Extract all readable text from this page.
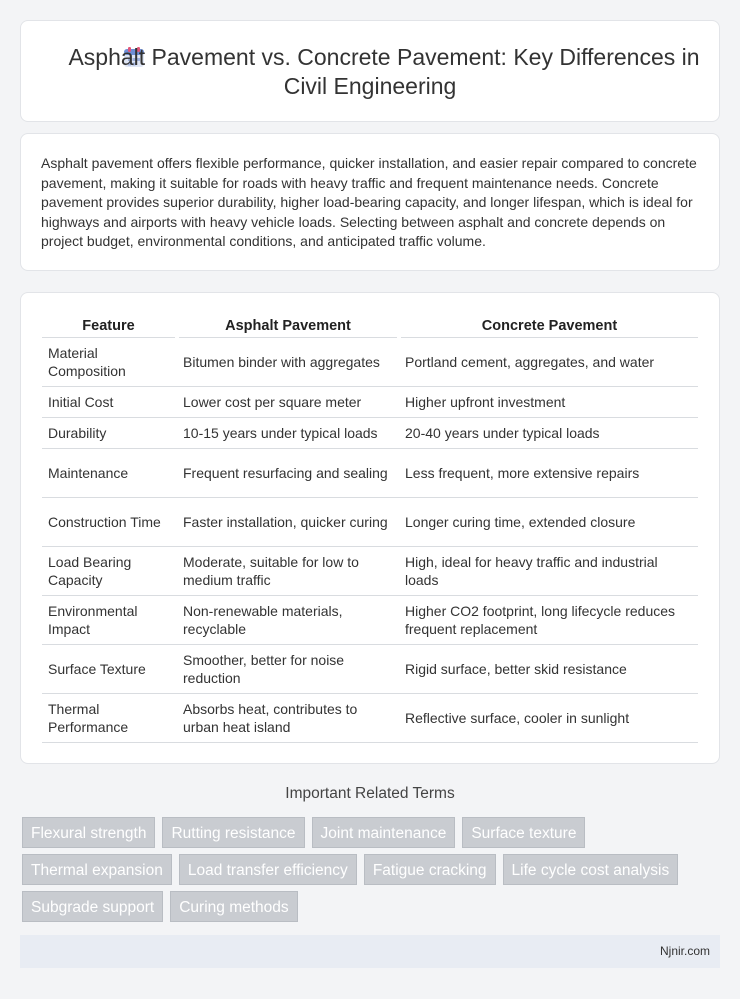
Asphalt Pavement vs. Concrete Pavement: Key Differences in Civil Engineering

Asphalt pavement offers flexible performance, quicker installation, and easier repair compared to concrete pavement, making it suitable for roads with heavy traffic and frequent maintenance needs. Concrete pavement provides superior durability, higher load-bearing capacity, and longer lifespan, which is ideal for highways and airports with heavy vehicle loads. Selecting between asphalt and concrete depends on project budget, environmental conditions, and anticipated traffic volume.

Feature	Asphalt Pavement	Concrete Pavement
Material Composition	Bitumen binder with aggregates	Portland cement, aggregates, and water
Initial Cost	Lower cost per square meter	Higher upfront investment
Durability	10-15 years under typical loads	20-40 years under typical loads
Maintenance	Frequent resurfacing and sealing	Less frequent, more extensive repairs
Construction Time	Faster installation, quicker curing	Longer curing time, extended closure
Load Bearing Capacity	Moderate, suitable for low to medium traffic	High, ideal for heavy traffic and industrial loads
Environmental Impact	Non-renewable materials, recyclable	Higher CO2 footprint, long lifecycle reduces frequent replacement
Surface Texture	Smoother, better for noise reduction	Rigid surface, better skid resistance
Thermal Performance	Absorbs heat, contributes to urban heat island	Reflective surface, cooler in sunlight
Important Related Terms
Flexural strength	Rutting resistance	Joint maintenance	Surface texture
Thermal expansion	Load transfer efficiency	Fatigue cracking	Life cycle cost analysis
Subgrade support	Curing methods
Njnir.com
